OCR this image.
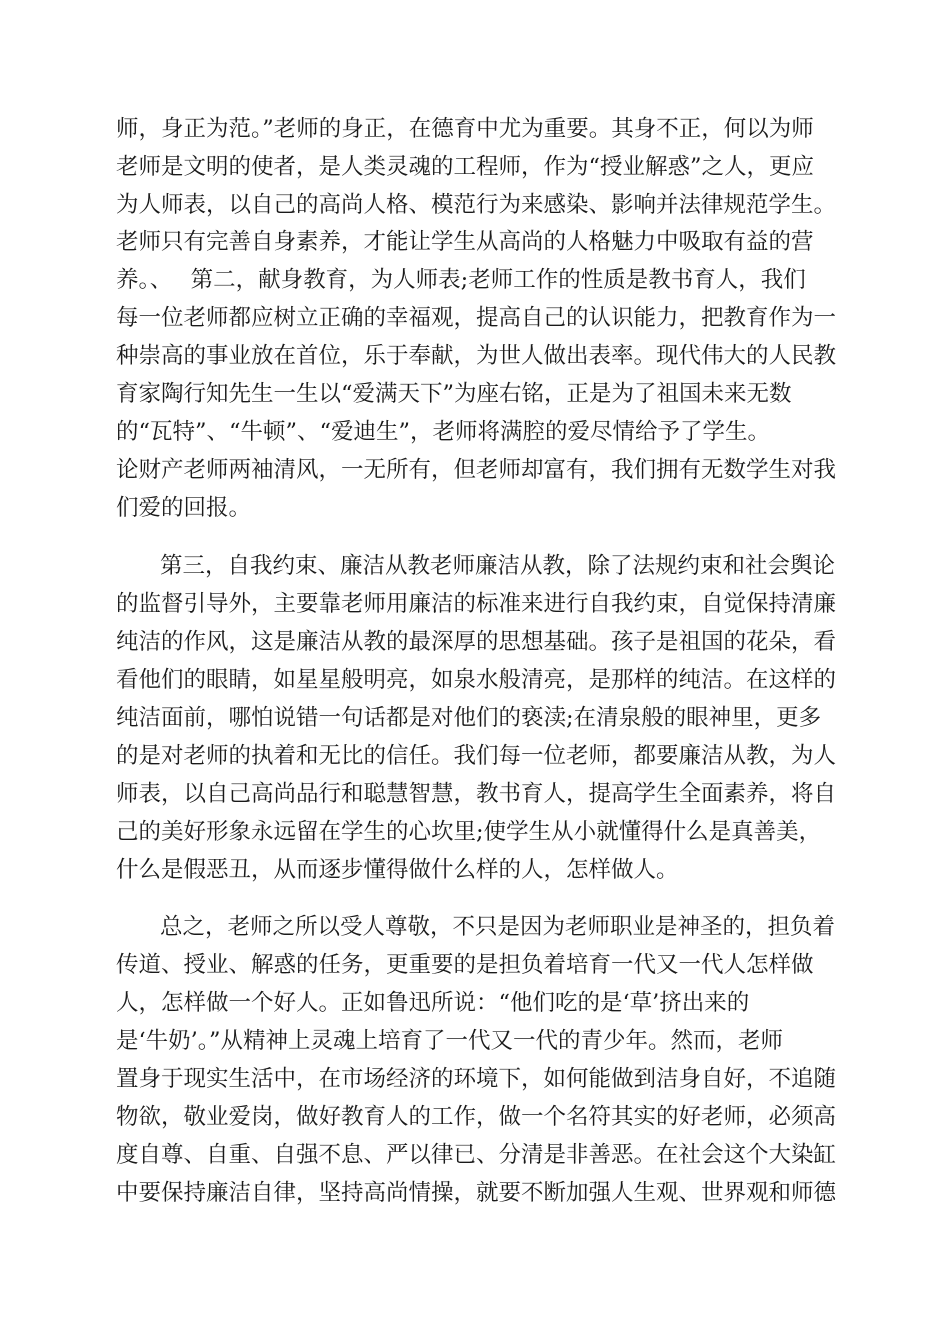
师，身正为范。”老师的身正，在德育中尤为重要。其身不正，何以为师
老师是文明的使者，是人类灵魂的工程师，作为“授业解惑”之人，更应
为人师表，以自己的高尚人格、模范行为来感染、影响并法律规范学生。
老师只有完善自身素养，才能让学生从高尚的人格魅力中吸取有益的营
养。、　 第二，献身教育，为人师表;老师工作的性质是教书育人，我们
每一位老师都应树立正确的幸福观，提高自己的认识能力，把教育作为一
种崇高的事业放在首位，乐于奉献，为世人做出表率。现代伟大的人民教
育家陶行知先生一生以“爱满天下”为座右铭，正是为了祖国未来无数
的“瓦特”、“牛顿”、“爱迪生”，老师将满腔的爱尽情给予了学生。
论财产老师两袖清风，一无所有，但老师却富有，我们拥有无数学生对我
们爱的回报。
第三，自我约束、廉洁从教老师廉洁从教，除了法规约束和社会舆论
的监督引导外，主要靠老师用廉洁的标准来进行自我约束，自觉保持清廉
纯洁的作风，这是廉洁从教的最深厚的思想基础。孩子是祖国的花朵，看
看他们的眼睛，如星星般明亮，如泉水般清亮，是那样的纯洁。在这样的
纯洁面前，哪怕说错一句话都是对他们的亵渎;在清泉般的眼神里，更多
的是对老师的执着和无比的信任。我们每一位老师，都要廉洁从教，为人
师表，以自己高尚品行和聪慧智慧，教书育人，提高学生全面素养，将自
己的美好形象永远留在学生的心坎里;使学生从小就懂得什么是真善美，
什么是假恶丑，从而逐步懂得做什么样的人，怎样做人。
总之，老师之所以受人尊敬，不只是因为老师职业是神圣的，担负着
传道、授业、解惑的任务，更重要的是担负着培育一代又一代人怎样做
人，怎样做一个好人。正如鲁迅所说：“他们吃的是‘草’挤出来的
是‘牛奶’。”从精神上灵魂上培育了一代又一代的青少年。然而，老师
置身于现实生活中，在市场经济的环境下，如何能做到洁身自好，不追随
物欲，敬业爱岗，做好教育人的工作，做一个名符其实的好老师，必须高
度自尊、自重、自强不息、严以律已、分清是非善恶。在社会这个大染缸
中要保持廉洁自律，坚持高尚情操，就要不断加强人生观、世界观和师德
